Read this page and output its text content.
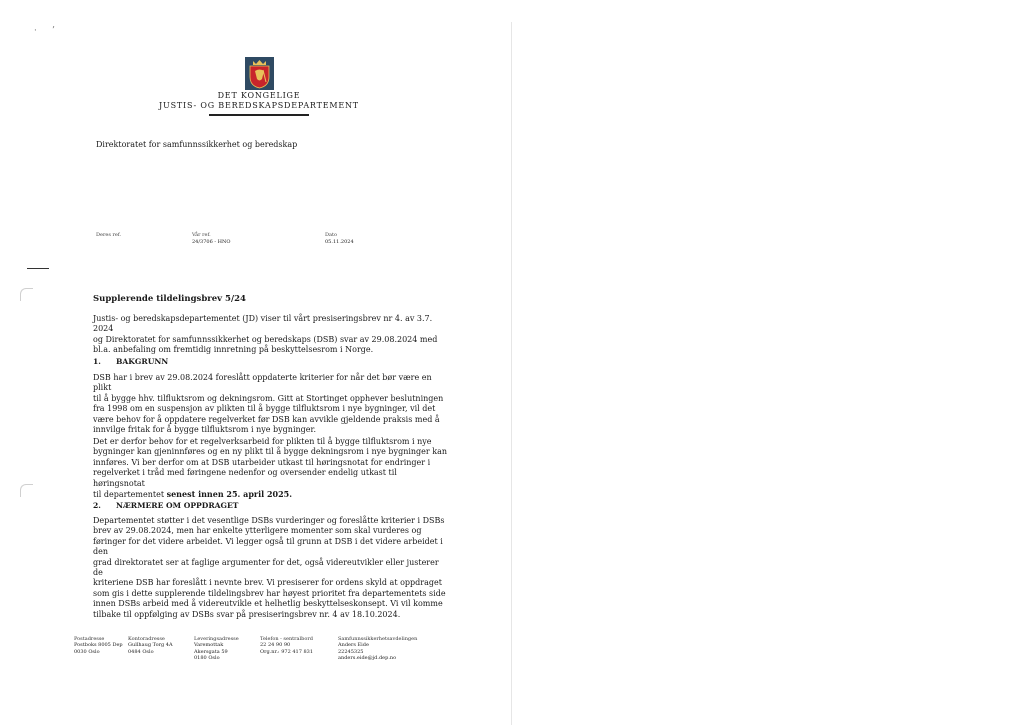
· ʼ
DET KONGELIGE
JUSTIS- OG BEREDSKAPSDEPARTEMENT
Direktoratet for samfunnssikkerhet og beredskap
Deres ref.	Vår ref.
24/3706 - HNO
Dato
05.11.2024
Supplerende tildelingsbrev 5/24
Justis- og beredskapsdepartementet (JD) viser til vårt presiseringsbrev nr 4. av 3.7. 2024
og Direktoratet for samfunnssikkerhet og beredskaps (DSB) svar av 29.08.2024 med
bl.a. anbefaling om fremtidig innretning på beskyttelsesrom i Norge.
1. BAKGRUNN
DSB har i brev av 29.08.2024 foreslått oppdaterte kriterier for når det bør være en plikt
til å bygge hhv. tilfluktsrom og dekningsrom. Gitt at Stortinget opphever beslutningen
fra 1998 om en suspensjon av plikten til å bygge tilfluktsrom i nye bygninger, vil det
være behov for å oppdatere regelverket før DSB kan avvikle gjeldende praksis med å
innvilge fritak for å bygge tilfluktsrom i nye bygninger.
Det er derfor behov for et regelverksarbeid for plikten til å bygge tilfluktsrom i nye
bygninger kan gjeninnføres og en ny plikt til å bygge dekningsrom i nye bygninger kan
innføres. Vi ber derfor om at DSB utarbeider utkast til høringsnotat for endringer i
regelverket i tråd med føringene nedenfor og oversender endelig utkast til høringsnotat
til departementet senest innen 25. april 2025.
2. NÆRMERE OM OPPDRAGET
Departementet støtter i det vesentlige DSBs vurderinger og foreslåtte kriterier i DSBs
brev av 29.08.2024, men har enkelte ytterligere momenter som skal vurderes og
føringer for det videre arbeidet. Vi legger også til grunn at DSB i det videre arbeidet i den
grad direktoratet ser at faglige argumenter for det, også videreutvikler eller justerer de
kriteriene DSB har foreslått i nevnte brev. Vi presiserer for ordens skyld at oppdraget
som gis i dette supplerende tildelingsbrev har høyest prioritet fra departementets side
innen DSBs arbeid med å videreutvikle et helhetlig beskyttelseskonsept. Vi vil komme
tilbake til oppfølging av DSBs svar på presiseringsbrev nr. 4 av 18.10.2024.
Postadresse
Postboks 8005 Dep
0030 Oslo
Kontoradresse
Gullhaug Torg 4A
0484 Oslo
Leveringsadresse
Varemottak
Akersgata 59
0180 Oslo
Telefon - sentralbord
22 24 90 90
Org.nr.: 972 417 831
Samfunnssikkerhetsavdelingen
Anders Eide
22245325
anders.eide@jd.dep.no
